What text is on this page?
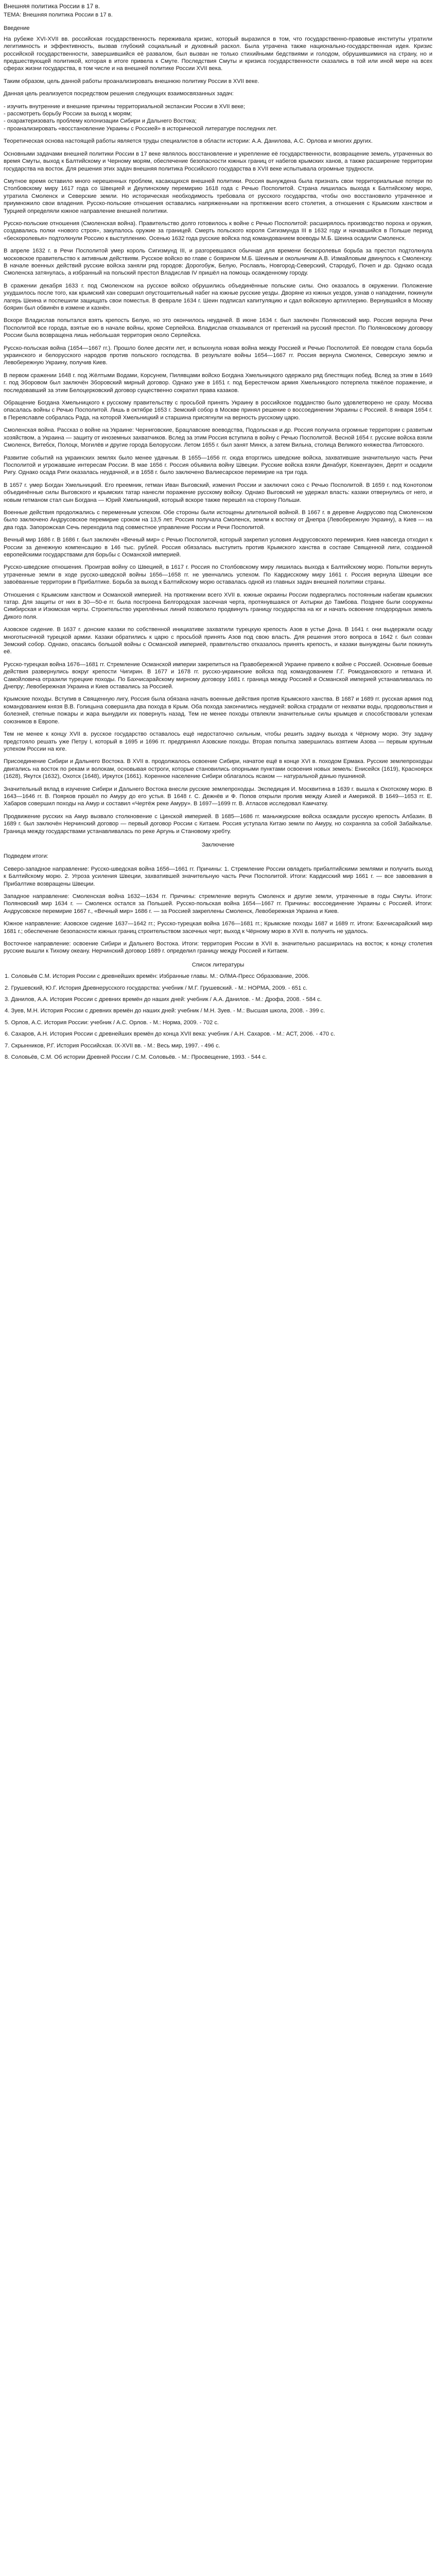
Внешняя политика России в 17 в.
ТЕМА: Внешняя политика России в 17 в.
Введение

На рубеже XVI-XVII вв. российская государственность переживала кризис, который выразился в том, что государственно-правовые институты утратили легитимность и эффективность, вызвав глубокий социальный и духовный раскол. Была утрачена также национально-государственная идея. Кризис российской государственности, завершившийся её развалом, был вызван не только стихийными бедствиями и голодом, обрушившимися на страну, но и предшествующей политикой, которая в итоге привела к Смуте. Последствия Смуты и кризиса государственности сказались в той или иной мере на всех сферах жизни государства, в том числе и на внешней политике России XVII века.

Таким образом, цель данной работы проанализировать внешнюю политику России в XVII веке.

Данная цель реализуется посредством решения следующих взаимосвязанных задач:

- изучить внутренние и внешние причины территориальной экспансии России в XVII веке;
- рассмотреть борьбу России за выход к морям;
- охарактеризовать проблему колонизации Сибири и Дальнего Востока;
- проанализировать «восстановление Украины с Россией» в исторической литературе последних лет.

Теоретическая основа настоящей работы является труды специалистов в области истории: А.А. Данилова, А.С. Орлова и многих других.

Основными задачами внешней политики России в 17 веке являлось восстановление и укрепление её государственности, возвращение земель, утраченных во время Смуты, выход к Балтийскому и Черному морям, обеспечение безопасности южных границ от набегов крымских ханов, а также расширение территории государства на восток. Для решения этих задач внешняя политика Российского государства в XVII веке испытывала огромные трудности.

Смутное время оставило много нерешенных проблем, касающихся внешней политики. Россия вынуждена была признать свои территориальные потери по Столбовскому миру 1617 года со Швецией и Деулинскому перемирию 1618 года с Речью Посполитой. Страна лишилась выхода к Балтийскому морю, утратила Смоленск и Северские земли. Но историческая необходимость требовала от русского государства, чтобы оно восстановило утраченное и приумножило свои владения. Русско-польские отношения оставались напряженными на протяжении всего столетия, а отношения с Крымским ханством и Турцией определяли южное направление внешней политики.

Русско-польские отношения (Смоленская война). Правительство долго готовилось к войне с Речью Посполитой: расширялось производство пороха и оружия, создавались полки «нового строя», закупалось оружие за границей. Смерть польского короля Сигизмунда III в 1632 году и начавшийся в Польше период «бескоролевья» подтолкнули Россию к выступлению. Осенью 1632 года русские войска под командованием воеводы М.Б. Шеина осадили Смоленск.

В апреле 1632 г. в Речи Посполитой умер король Сигизмунд III, и разгоревшаяся обычная для времени бескоролевья борьба за престол подтолкнула московское правительство к активным действиям. Русское войско во главе с боярином М.Б. Шеиным и окольничим А.В. Измайловым двинулось к Смоленску. В начале военных действий русские войска заняли ряд городов: Дорогобуж, Белую, Рославль, Новгород-Северский, Стародуб, Почеп и др. Однако осада Смоленска затянулась, а избранный на польский престол Владислав IV пришёл на помощь осажденному городу.

В сражении декабря 1633 г. под Смоленском на русское войско обрушились объединённые польские силы. Оно оказалось в окружении. Положение ухудшилось после того, как крымский хан совершил опустошительный набег на южные русские уезды. Дворяне из южных уездов, узнав о нападении, покинули лагерь Шеина и поспешили защищать свои поместья. В феврале 1634 г. Шеин подписал капитуляцию и сдал войсковую артиллерию. Вернувшийся в Москву боярин был обвинён в измене и казнён.

Вскоре Владислав попытался взять крепость Белую, но это окончилось неудачей. В июне 1634 г. был заключён Поляновский мир. Россия вернула Речи Посполитой все города, взятые ею в начале войны, кроме Серпейска. Владислав отказывался от претензий на русский престол. По Поляновскому договору России была возвращена лишь небольшая территория около Серпейска.

Русско-польская война (1654—1667 гг.). Прошло более десяти лет, и вспыхнула новая война между Россией и Речью Посполитой. Её поводом стала борьба украинского и белорусского народов против польского господства. В результате войны 1654—1667 гг. Россия вернула Смоленск, Северскую землю и Левобережную Украину, получив Киев.

В первом сражении 1648 г. под Жёлтыми Водами, Корсунем, Пилявцами войско Богдана Хмельницкого одержало ряд блестящих побед. Вслед за этим в 1649 г. под Зборовом был заключён Зборовский мирный договор. Однако уже в 1651 г. под Берестечком армия Хмельницкого потерпела тяжёлое поражение, и последовавший за этим Белоцерковский договор существенно сократил права казаков.

Обращение Богдана Хмельницкого к русскому правительству с просьбой принять Украину в российское подданство было удовлетворено не сразу. Москва опасалась войны с Речью Посполитой. Лишь в октябре 1653 г. Земский собор в Москве принял решение о воссоединении Украины с Россией. 8 января 1654 г. в Переяславле собралась Рада, на которой Хмельницкий и старшина присягнули на верность русскому царю.

Смоленская война. Рассказ о войне на Украине: Черниговские, Брацлавские воеводства, Подольская и др. Россия получила огромные территории с развитым хозяйством, а Украина — защиту от иноземных захватчиков. Вслед за этим Россия вступила в войну с Речью Посполитой. Весной 1654 г. русские войска взяли Смоленск, Витебск, Полоцк, Могилёв и другие города Белоруссии. Летом 1655 г. был занят Минск, а затем Вильна, столица Великого княжества Литовского.

Развитие событий на украинских землях было менее удачным. В 1655—1656 гг. сюда вторглись шведские войска, захватившие значительную часть Речи Посполитой и угрожавшие интересам России. В мае 1656 г. Россия объявила войну Швеции. Русские войска взяли Динабург, Кокенгаузен, Дерпт и осадили Ригу. Однако осада Риги оказалась неудачной, и в 1658 г. было заключено Валиесарское перемирие на три года.

В 1657 г. умер Богдан Хмельницкий. Его преемник, гетман Иван Выговский, изменил России и заключил союз с Речью Посполитой. В 1659 г. под Конотопом объединённые силы Выговского и крымских татар нанесли поражение русскому войску. Однако Выговский не удержал власть: казаки отвернулись от него, и новым гетманом стал сын Богдана — Юрий Хмельницкий, который вскоре также перешёл на сторону Польши.

Военные действия продолжались с переменным успехом. Обе стороны были истощены длительной войной. В 1667 г. в деревне Андрусово под Смоленском было заключено Андрусовское перемирие сроком на 13,5 лет. Россия получала Смоленск, земли к востоку от Днепра (Левобережную Украину), а Киев — на два года. Запорожская Сечь переходила под совместное управление России и Речи Посполитой.

Вечный мир 1686 г. В 1686 г. был заключён «Вечный мир» с Речью Посполитой, который закрепил условия Андрусовского перемирия. Киев навсегда отходил к России за денежную компенсацию в 146 тыс. рублей. Россия обязалась выступить против Крымского ханства в составе Священной лиги, созданной европейскими государствами для борьбы с Османской империей.

Русско-шведские отношения. Проиграв войну со Швецией, в 1617 г. Россия по Столбовскому миру лишилась выхода к Балтийскому морю. Попытки вернуть утраченные земли в ходе русско-шведской войны 1656—1658 гг. не увенчались успехом. По Кардисскому миру 1661 г. Россия вернула Швеции все завоёванные территории в Прибалтике. Борьба за выход к Балтийскому морю оставалась одной из главных задач внешней политики страны.

Отношения с Крымским ханством и Османской империей. На протяжении всего XVII в. южные окраины России подвергались постоянным набегам крымских татар. Для защиты от них в 30—50-е гг. была построена Белгородская засечная черта, протянувшаяся от Ахтырки до Тамбова. Позднее были сооружены Симбирская и Изюмская черты. Строительство укреплённых линий позволило продвинуть границу государства на юг и начать освоение плодородных земель Дикого поля.

Азовское сидение. В 1637 г. донские казаки по собственной инициативе захватили турецкую крепость Азов в устье Дона. В 1641 г. они выдержали осаду многотысячной турецкой армии. Казаки обратились к царю с просьбой принять Азов под свою власть. Для решения этого вопроса в 1642 г. был созван Земский собор. Однако, опасаясь большой войны с Османской империей, правительство отказалось принять крепость, и казаки вынуждены были покинуть её.

Русско-турецкая война 1676—1681 гг. Стремление Османской империи закрепиться на Правобережной Украине привело к войне с Россией. Основные боевые действия развернулись вокруг крепости Чигирин. В 1677 и 1678 гг. русско-украинские войска под командованием Г.Г. Ромодановского и гетмана И. Самойловича отразили турецкие походы. По Бахчисарайскому мирному договору 1681 г. граница между Россией и Османской империей устанавливалась по Днепру; Левобережная Украина и Киев оставались за Россией.

Крымские походы. Вступив в Священную лигу, Россия была обязана начать военные действия против Крымского ханства. В 1687 и 1689 гг. русская армия под командованием князя В.В. Голицына совершила два похода в Крым. Оба похода закончились неудачей: войска страдали от нехватки воды, продовольствия и болезней, степные пожары и жара вынудили их повернуть назад. Тем не менее походы отвлекли значительные силы крымцев и способствовали успехам союзников в Европе.

Тем не менее к концу XVII в. русское государство оставалось ещё недостаточно сильным, чтобы решить задачу выхода к Чёрному морю. Эту задачу предстояло решать уже Петру I, который в 1695 и 1696 гг. предпринял Азовские походы. Вторая попытка завершилась взятием Азова — первым крупным успехом России на юге.

Присоединение Сибири и Дальнего Востока. В XVII в. продолжалось освоение Сибири, начатое ещё в конце XVI в. походом Ермака. Русские землепроходцы двигались на восток по рекам и волокам, основывая остроги, которые становились опорными пунктами освоения новых земель: Енисейск (1619), Красноярск (1628), Якутск (1632), Охотск (1648), Иркутск (1661). Коренное население Сибири облагалось ясаком — натуральной данью пушниной.

Значительный вклад в изучение Сибири и Дальнего Востока внесли русские землепроходцы. Экспедиция И. Москвитина в 1639 г. вышла к Охотскому морю. В 1643—1646 гг. В. Поярков прошёл по Амуру до его устья. В 1648 г. С. Дежнёв и Ф. Попов открыли пролив между Азией и Америкой. В 1649—1653 гг. Е. Хабаров совершил походы на Амур и составил «Чертёж реке Амуру». В 1697—1699 гг. В. Атласов исследовал Камчатку.

Продвижение русских на Амур вызвало столкновение с Цинской империей. В 1685—1686 гг. маньчжурские войска осаждали русскую крепость Албазин. В 1689 г. был заключён Нерчинский договор — первый договор России с Китаем. Россия уступала Китаю земли по Амуру, но сохраняла за собой Забайкалье. Граница между государствами устанавливалась по реке Аргунь и Становому хребту.

Заключение

Подведем итоги:

Северо-западное направление: Русско-шведская война 1656—1661 гг. Причины: 1. Стремление России овладеть прибалтийскими землями и получить выход к Балтийскому морю. 2. Угроза усиления Швеции, захватившей значительную часть Речи Посполитой. Итоги: Кардисский мир 1661 г. — все завоевания в Прибалтике возвращены Швеции.

Западное направление: Смоленская война 1632—1634 гг. Причины: стремление вернуть Смоленск и другие земли, утраченные в годы Смуты. Итоги: Поляновский мир 1634 г. — Смоленск остался за Польшей. Русско-польская война 1654—1667 гг. Причины: воссоединение Украины с Россией. Итоги: Андрусовское перемирие 1667 г., «Вечный мир» 1686 г. — за Россией закреплены Смоленск, Левобережная Украина и Киев.

Южное направление: Азовское сидение 1637—1642 гг.; Русско-турецкая война 1676—1681 гг.; Крымские походы 1687 и 1689 гг. Итоги: Бахчисарайский мир 1681 г.; обеспечение безопасности южных границ строительством засечных черт; выход к Чёрному морю в XVII в. получить не удалось.

Восточное направление: освоение Сибири и Дальнего Востока. Итоги: территория России в XVII в. значительно расширилась на восток; к концу столетия русские вышли к Тихому океану. Нерчинский договор 1689 г. определил границу между Россией и Китаем.

Список литературы
1. Соловьёв С.М. История России с древнейших времён: Избранные главы. М.: ОЛМА-Пресс Образование, 2006.
2. Грушевский, Ю.Г. История Древнерусского государства: учебник / М.Г. Грушевский. - М.: НОРМА, 2009. - 651 с.
3. Данилов, А.А. История России с древних времён до наших дней: учебник / А.А. Данилов. - М.: Дрофа, 2008. - 584 с.
4. Зуев, М.Н. История России с древних времён до наших дней: учебник / М.Н. Зуев. - М.: Высшая школа, 2008. - 399 с.
5. Орлов, А.С. История России: учебник / А.С. Орлов. - М.: Норма, 2009. - 702 с.
6. Сахаров, А.Н. История России с древнейших времён до конца XVII века: учебник / А.Н. Сахаров. - М.: АСТ, 2006. - 470 с.
7. Скрынников, Р.Г. История Российская. IX-XVII вв. - М.: Весь мир, 1997. - 496 с.
8. Соловьёв, С.М. Об истории Древней России / С.М. Соловьёв. - М.: Просвещение, 1993. - 544 с.
